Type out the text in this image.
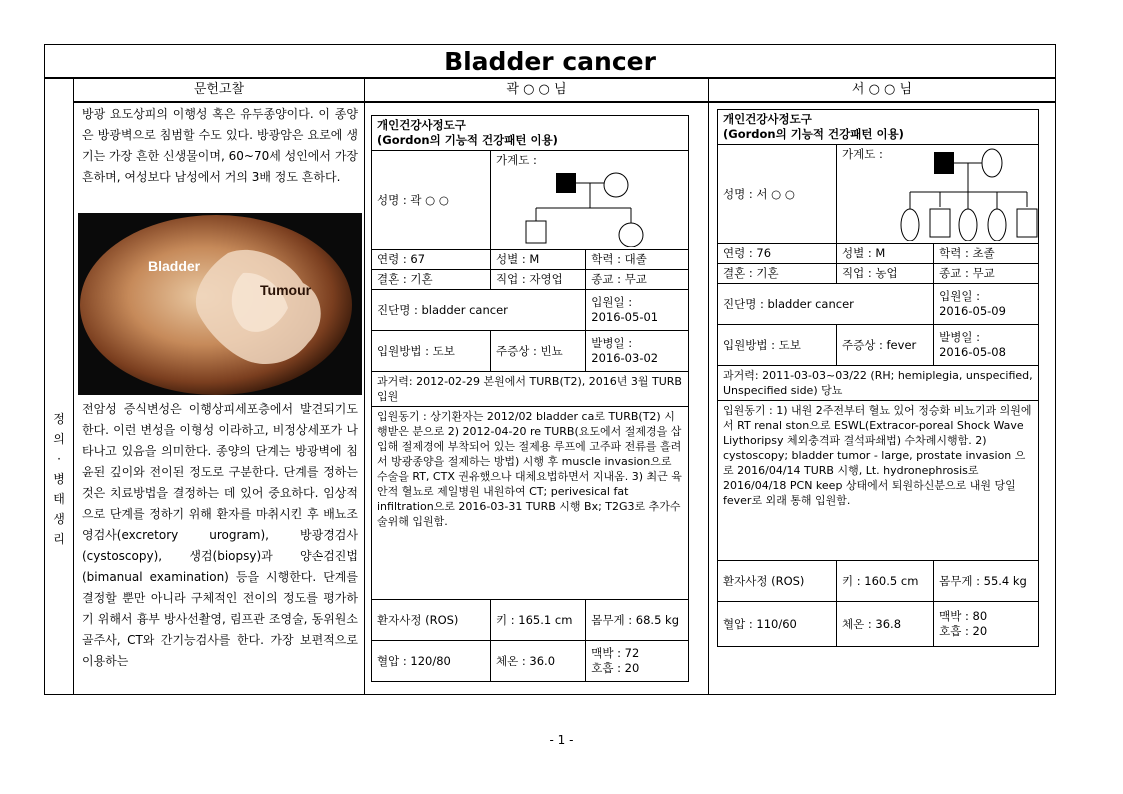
Bladder cancer
정
의
·
병
태
생
리
문헌고찰	곽 ○ ○ 님	서 ○ ○ 님
방광 요도상피의 이행성 혹은 유두종양이다. 이 종양은 방광벽으로 침범할 수도 있다. 방광암은 요로에 생기는 가장 흔한 신생물이며, 60~70세 성인에서 가장 흔하며, 여성보다 남성에서 거의 3배 정도 흔하다.
Bladder
Tumour
전암성 증식변성은 이행상피세포층에서 발견되기도 한다. 이런 변성을 이형성 이라하고, 비정상세포가 나타나고 있음을 의미한다. 종양의 단계는 방광벽에 침윤된 깊이와 전이된 정도로 구분한다. 단계를 정하는 것은 치료방법을 결정하는 데 있어 중요하다. 임상적으로 단계를 정하기 위해 환자를 마취시킨 후 배뇨조영검사(excretory urogram), 방광경검사(cystoscopy), 생검(biopsy)과 양손검진법(bimanual examination) 등을 시행한다. 단계를 결정할 뿐만 아니라 구체적인 전이의 정도를 평가하기 위해서 흉부 방사선촬영, 림프관 조영술, 동위원소 골주사, CT와 간기능검사를 한다. 가장 보편적으로 이용하는
개인건강사정도구
(Gordon의 기능적 건강패턴 이용)		

성명 : 곽 ○ ○	가계도 :	

연령 : 67	성별 : M	학력 : 대졸
결혼 : 기혼	직업 : 자영업	종교 : 무교
진단명 : bladder cancer		입원일 :
2016-05-01

입원방법 : 도보	주증상 : 빈뇨	발병일 :
2016-03-02

과거력: 2012-02-29 본원에서 TURB(T2), 2016년 3월 TURB입원		
입원동기 : 상기환자는 2012/02 bladder ca로 TURB(T2) 시행받은 분으로 2) 2012-04-20 re TURB(요도에서 절제경을 삽입해 절제경에 부착되어 있는 절제용 루프에 고주파 전류를 흘려서 방광종양을 절제하는 방법) 시행 후 muscle invasion으로 수술을 RT, CTX 권유했으나 대체요법하면서 지내옴. 3) 최근 육안적 혈뇨로 제일병원 내원하여 CT; perivesical fat infiltration으로 2016-03-31 TURB 시행 Bx; T2G3로 추가수술위해 입원함.		
환자사정 (ROS)	키 : 165.1 cm	몸무게 : 68.5 kg
혈압 : 120/80	체온 : 36.0	맥박 : 72
호흡 : 20
개인건강사정도구
(Gordon의 기능적 건강패턴 이용)		

성명 : 서 ○ ○	가계도 :	

연령 : 76	성별 : M	학력 : 초졸
결혼 : 기혼	직업 : 농업	종교 : 무교
진단명 : bladder cancer		입원일 :
2016-05-09

입원방법 : 도보	주증상 : fever	발병일 :
2016-05-08

과거력: 2011-03-03~03/22 (RH; hemiplegia, unspecified, Unspecified side) 당뇨		
입원동기 : 1) 내원 2주전부터 혈뇨 있어 정승화 비뇨기과 의원에서 RT renal ston으로 ESWL(Extracor-poreal Shock Wave Liythoripsy 체외충격파 결석파쇄법) 수차례시행함. 2) cystoscopy; bladder tumor - large, prostate invasion 으로 2016/04/14 TURB 시행, Lt. hydronephrosis로 2016/04/18 PCN keep 상태에서 퇴원하신분으로 내원 당일 fever로 외래 통해 입원함.		
환자사정 (ROS)	키 : 160.5 cm	몸무게 : 55.4 kg
혈압 : 110/60	체온 : 36.8	맥박 : 80
호흡 : 20
- 1 -
